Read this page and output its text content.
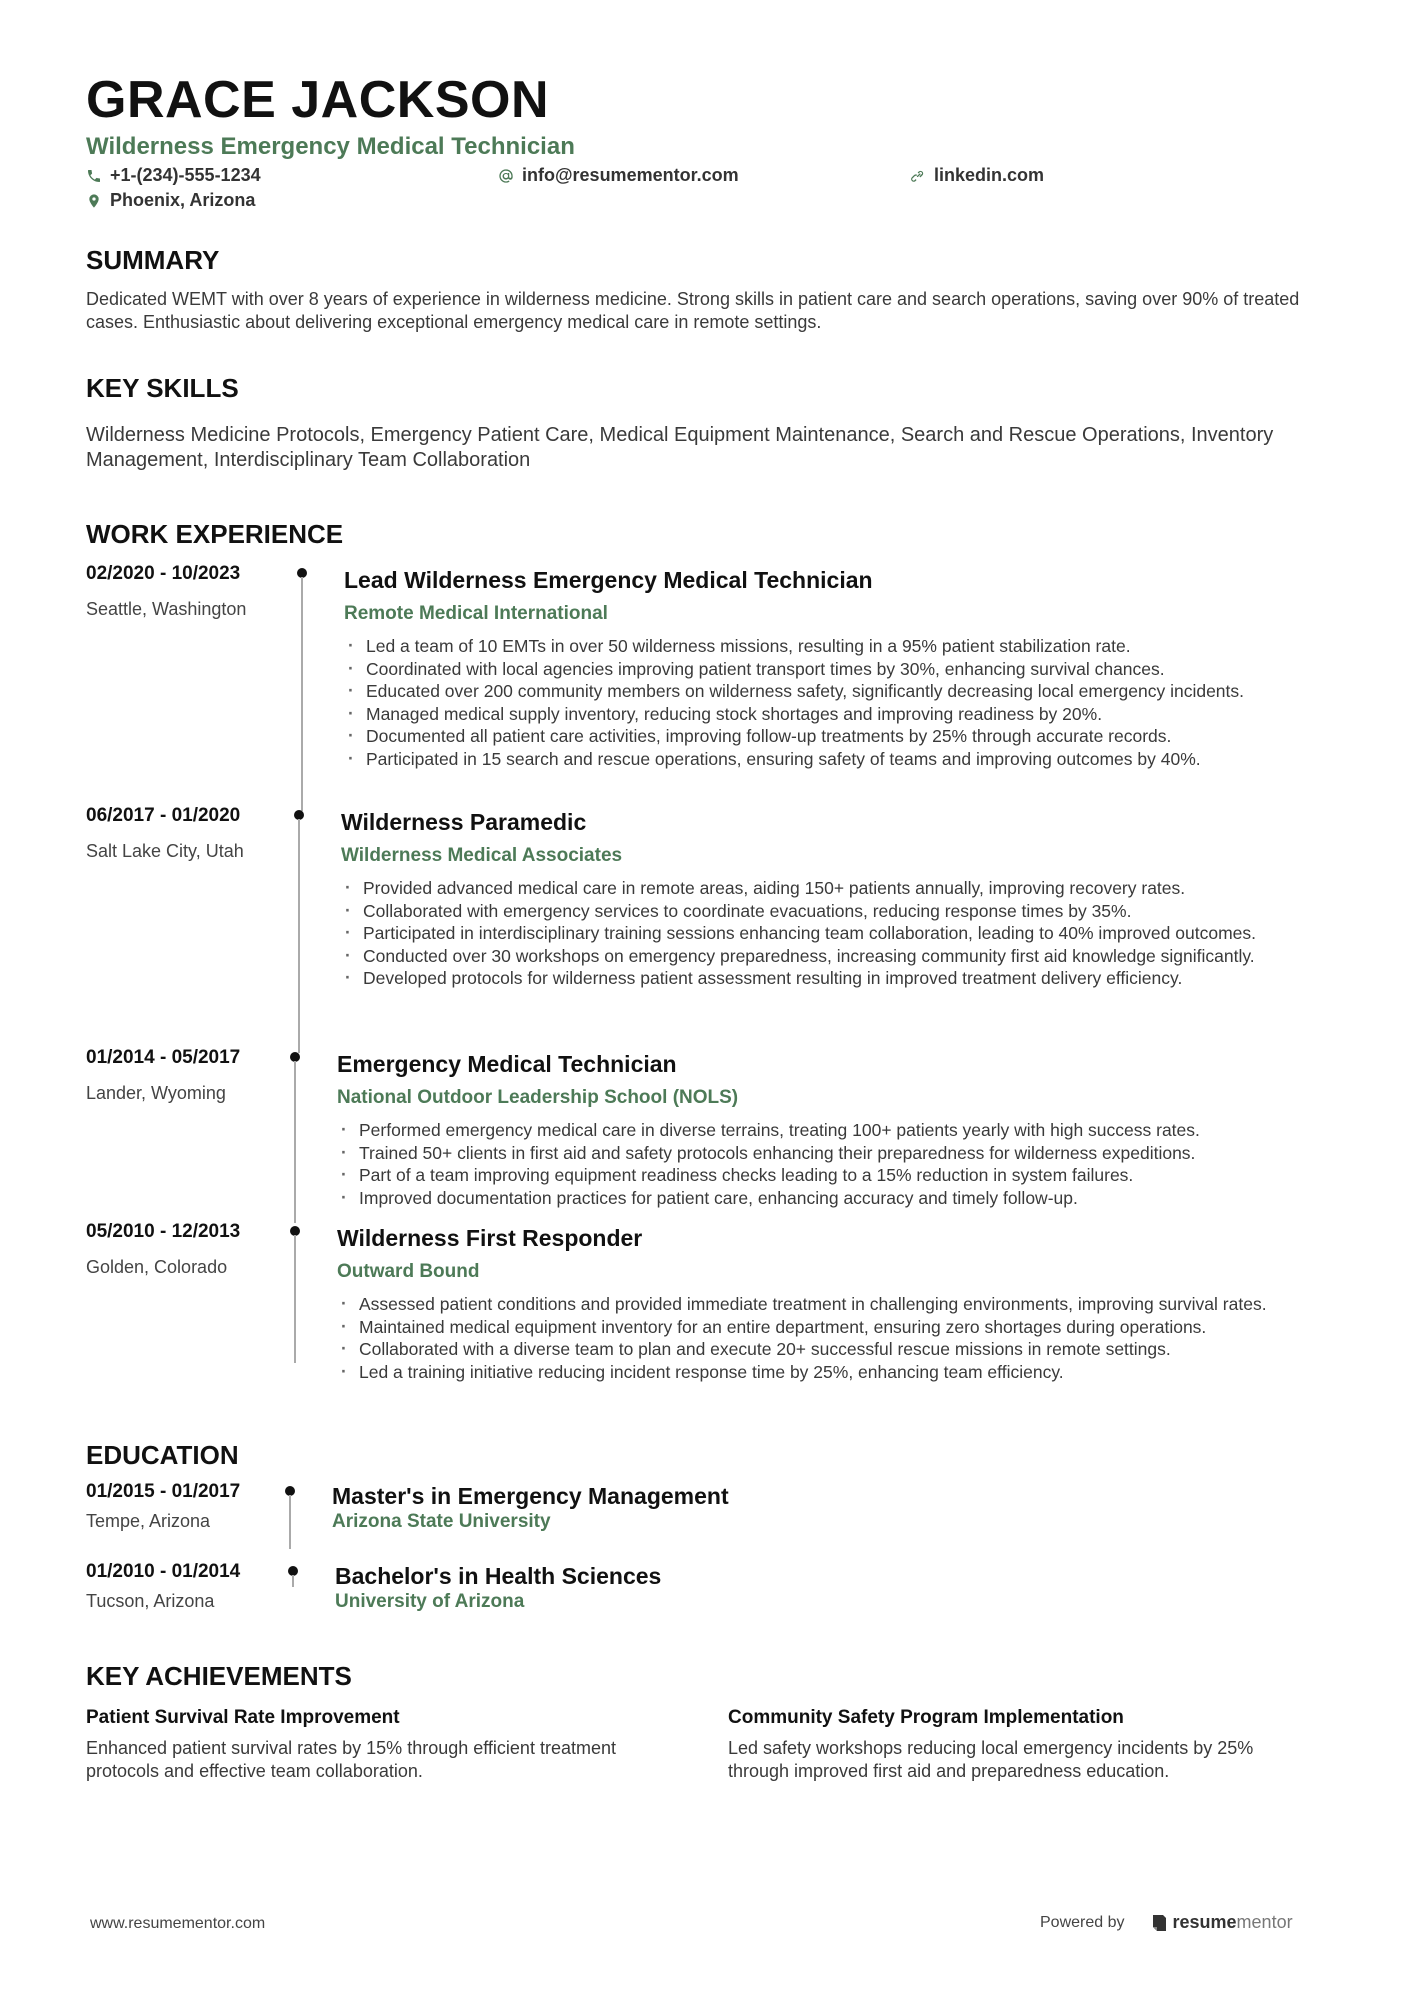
GRACE JACKSON
Wilderness Emergency Medical Technician
+1-(234)-555-1234	info@resumementor.com	linkedin.com
Phoenix, Arizona
SUMMARY

Dedicated WEMT with over 8 years of experience in wilderness medicine. Strong skills in patient care and search operations, saving over 90% of treated cases. Enthusiastic about delivering exceptional emergency medical care in remote settings.

KEY SKILLS

Wilderness Medicine Protocols, Emergency Patient Care, Medical Equipment Maintenance, Search and Rescue Operations, Inventory Management, Interdisciplinary Team Collaboration

WORK EXPERIENCE
02/2020 - 10/2023
Seattle, Washington
Lead Wilderness Emergency Medical Technician
Remote Medical International
· Led a team of 10 EMTs in over 50 wilderness missions, resulting in a 95% patient stabilization rate.
· Coordinated with local agencies improving patient transport times by 30%, enhancing survival chances.
· Educated over 200 community members on wilderness safety, significantly decreasing local emergency incidents.
· Managed medical supply inventory, reducing stock shortages and improving readiness by 20%.
· Documented all patient care activities, improving follow-up treatments by 25% through accurate records.
· Participated in 15 search and rescue operations, ensuring safety of teams and improving outcomes by 40%.
06/2017 - 01/2020
Salt Lake City, Utah
Wilderness Paramedic
Wilderness Medical Associates
· Provided advanced medical care in remote areas, aiding 150+ patients annually, improving recovery rates.
· Collaborated with emergency services to coordinate evacuations, reducing response times by 35%.
· Participated in interdisciplinary training sessions enhancing team collaboration, leading to 40% improved outcomes.
· Conducted over 30 workshops on emergency preparedness, increasing community first aid knowledge significantly.
· Developed protocols for wilderness patient assessment resulting in improved treatment delivery efficiency.
01/2014 - 05/2017
Lander, Wyoming
Emergency Medical Technician
National Outdoor Leadership School (NOLS)
· Performed emergency medical care in diverse terrains, treating 100+ patients yearly with high success rates.
· Trained 50+ clients in first aid and safety protocols enhancing their preparedness for wilderness expeditions.
· Part of a team improving equipment readiness checks leading to a 15% reduction in system failures.
· Improved documentation practices for patient care, enhancing accuracy and timely follow-up.
05/2010 - 12/2013
Golden, Colorado
Wilderness First Responder
Outward Bound
· Assessed patient conditions and provided immediate treatment in challenging environments, improving survival rates.
· Maintained medical equipment inventory for an entire department, ensuring zero shortages during operations.
· Collaborated with a diverse team to plan and execute 20+ successful rescue missions in remote settings.
· Led a training initiative reducing incident response time by 25%, enhancing team efficiency.
EDUCATION
01/2015 - 01/2017
Tempe, Arizona
Master's in Emergency Management
Arizona State University
01/2010 - 01/2014
Tucson, Arizona
Bachelor's in Health Sciences
University of Arizona
KEY ACHIEVEMENTS
Patient Survival Rate Improvement

Enhanced patient survival rates by 15% through efficient treatment protocols and effective team collaboration.

Community Safety Program Implementation

Led safety workshops reducing local emergency incidents by 25% through improved first aid and preparedness education.

www.resumementor.com	Powered by	resumementor
